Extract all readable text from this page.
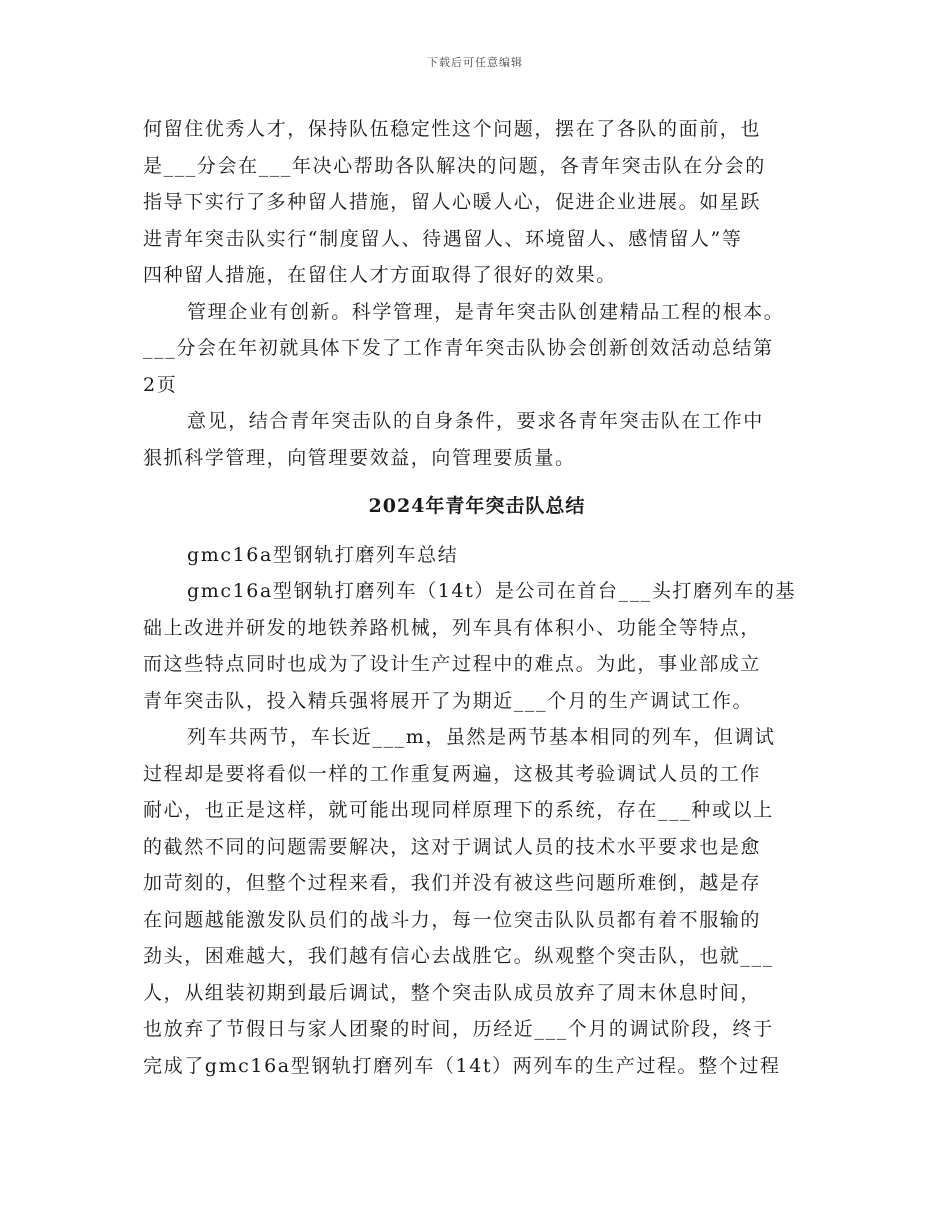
下载后可任意编辑
何留住优秀人才，保持队伍稳定性这个问题，摆在了各队的面前，也
是___分会在___年决心帮助各队解决的问题，各青年突击队在分会的
指导下实行了多种留人措施，留人心暖人心，促进企业进展。如星跃
进青年突击队实行“制度留人、待遇留人、环境留人、感情留人”等
四种留人措施，在留住人才方面取得了很好的效果。
管理企业有创新。科学管理，是青年突击队创建精品工程的根本。
___分会在年初就具体下发了工作青年突击队协会创新创效活动总结第
2页
意见，结合青年突击队的自身条件，要求各青年突击队在工作中
狠抓科学管理，向管理要效益，向管理要质量。
2024年青年突击队总结
gmc16a型钢轨打磨列车总结
gmc16a型钢轨打磨列车（14t）是公司在首台___头打磨列车的基
础上改进并研发的地铁养路机械，列车具有体积小、功能全等特点，
而这些特点同时也成为了设计生产过程中的难点。为此，事业部成立
青年突击队，投入精兵强将展开了为期近___个月的生产调试工作。
列车共两节，车长近___m，虽然是两节基本相同的列车，但调试
过程却是要将看似一样的工作重复两遍，这极其考验调试人员的工作
耐心，也正是这样，就可能出现同样原理下的系统，存在___种或以上
的截然不同的问题需要解决，这对于调试人员的技术水平要求也是愈
加苛刻的，但整个过程来看，我们并没有被这些问题所难倒，越是存
在问题越能激发队员们的战斗力，每一位突击队队员都有着不服输的
劲头，困难越大，我们越有信心去战胜它。纵观整个突击队，也就___
人，从组装初期到最后调试，整个突击队成员放弃了周末休息时间，
也放弃了节假日与家人团聚的时间，历经近___个月的调试阶段，终于
完成了gmc16a型钢轨打磨列车（14t）两列车的生产过程。整个过程
